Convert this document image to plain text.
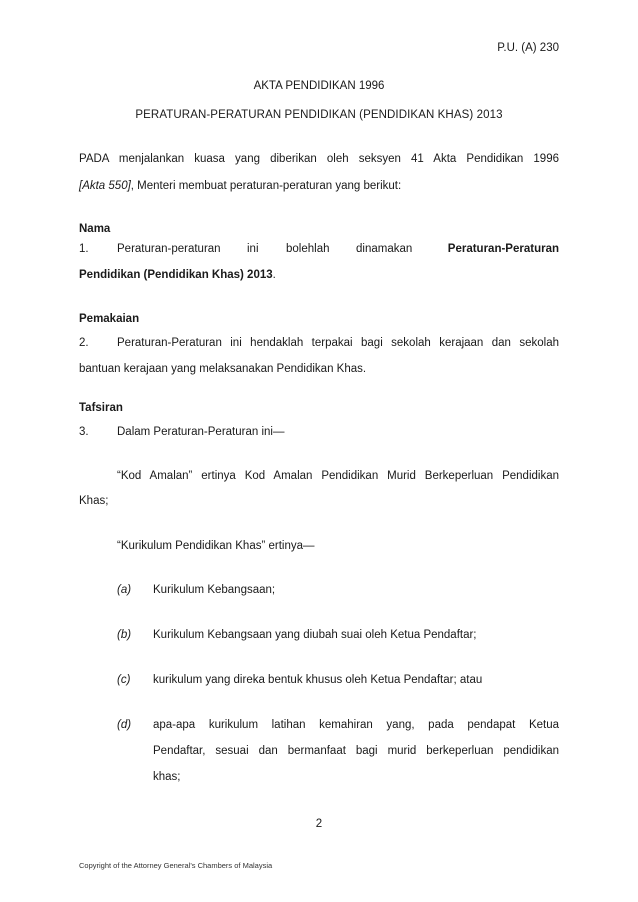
P.U. (A) 230
AKTA PENDIDIKAN 1996
PERATURAN-PERATURAN PENDIDIKAN (PENDIDIKAN KHAS) 2013
PADA menjalankan kuasa yang diberikan oleh seksyen 41 Akta Pendidikan 1996
[Akta 550], Menteri membuat peraturan-peraturan yang berikut:
Nama
1. Peraturan-peraturan ini bolehlah dinamakan	Peraturan-Peraturan
Pendidikan (Pendidikan Khas) 2013.
Pemakaian
2. Peraturan-Peraturan ini hendaklah terpakai bagi sekolah kerajaan dan sekolah
bantuan kerajaan yang melaksanakan Pendidikan Khas.
Tafsiran
3. Dalam Peraturan-Peraturan ini—
“Kod Amalan” ertinya Kod Amalan Pendidikan Murid Berkeperluan Pendidikan
Khas;
“Kurikulum Pendidikan Khas” ertinya—
(a) Kurikulum Kebangsaan;
(b) Kurikulum Kebangsaan yang diubah suai oleh Ketua Pendaftar;
(c) kurikulum yang direka bentuk khusus oleh Ketua Pendaftar; atau
(d) apa-apa kurikulum latihan kemahiran yang, pada pendapat Ketua
Pendaftar, sesuai dan bermanfaat bagi murid berkeperluan pendidikan
khas;
2
Copyright of the Attorney General's Chambers of Malaysia
